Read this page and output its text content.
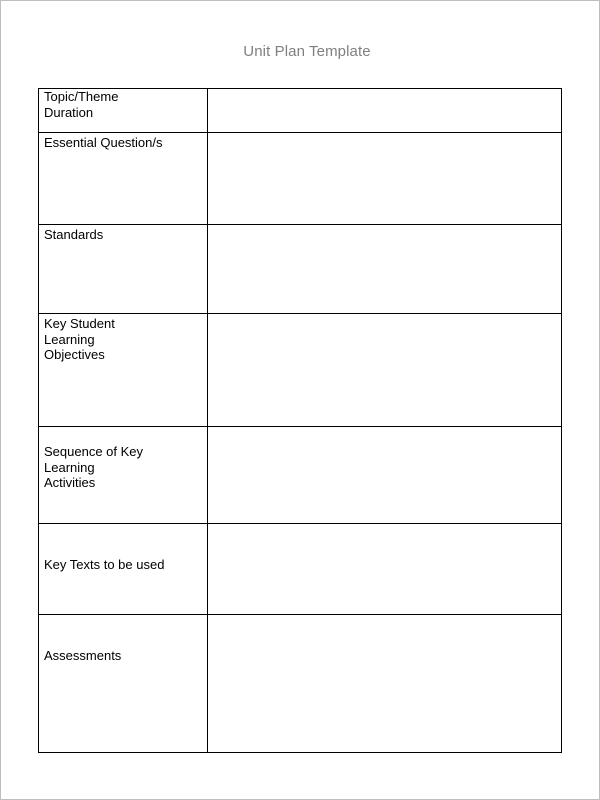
Unit Plan Template
Topic/Theme
Duration	

Essential Question/s	

Standards	

Key Student
Learning
Objectives	

Sequence of Key
Learning
Activities	

Key Texts to be used	

Assessments	
